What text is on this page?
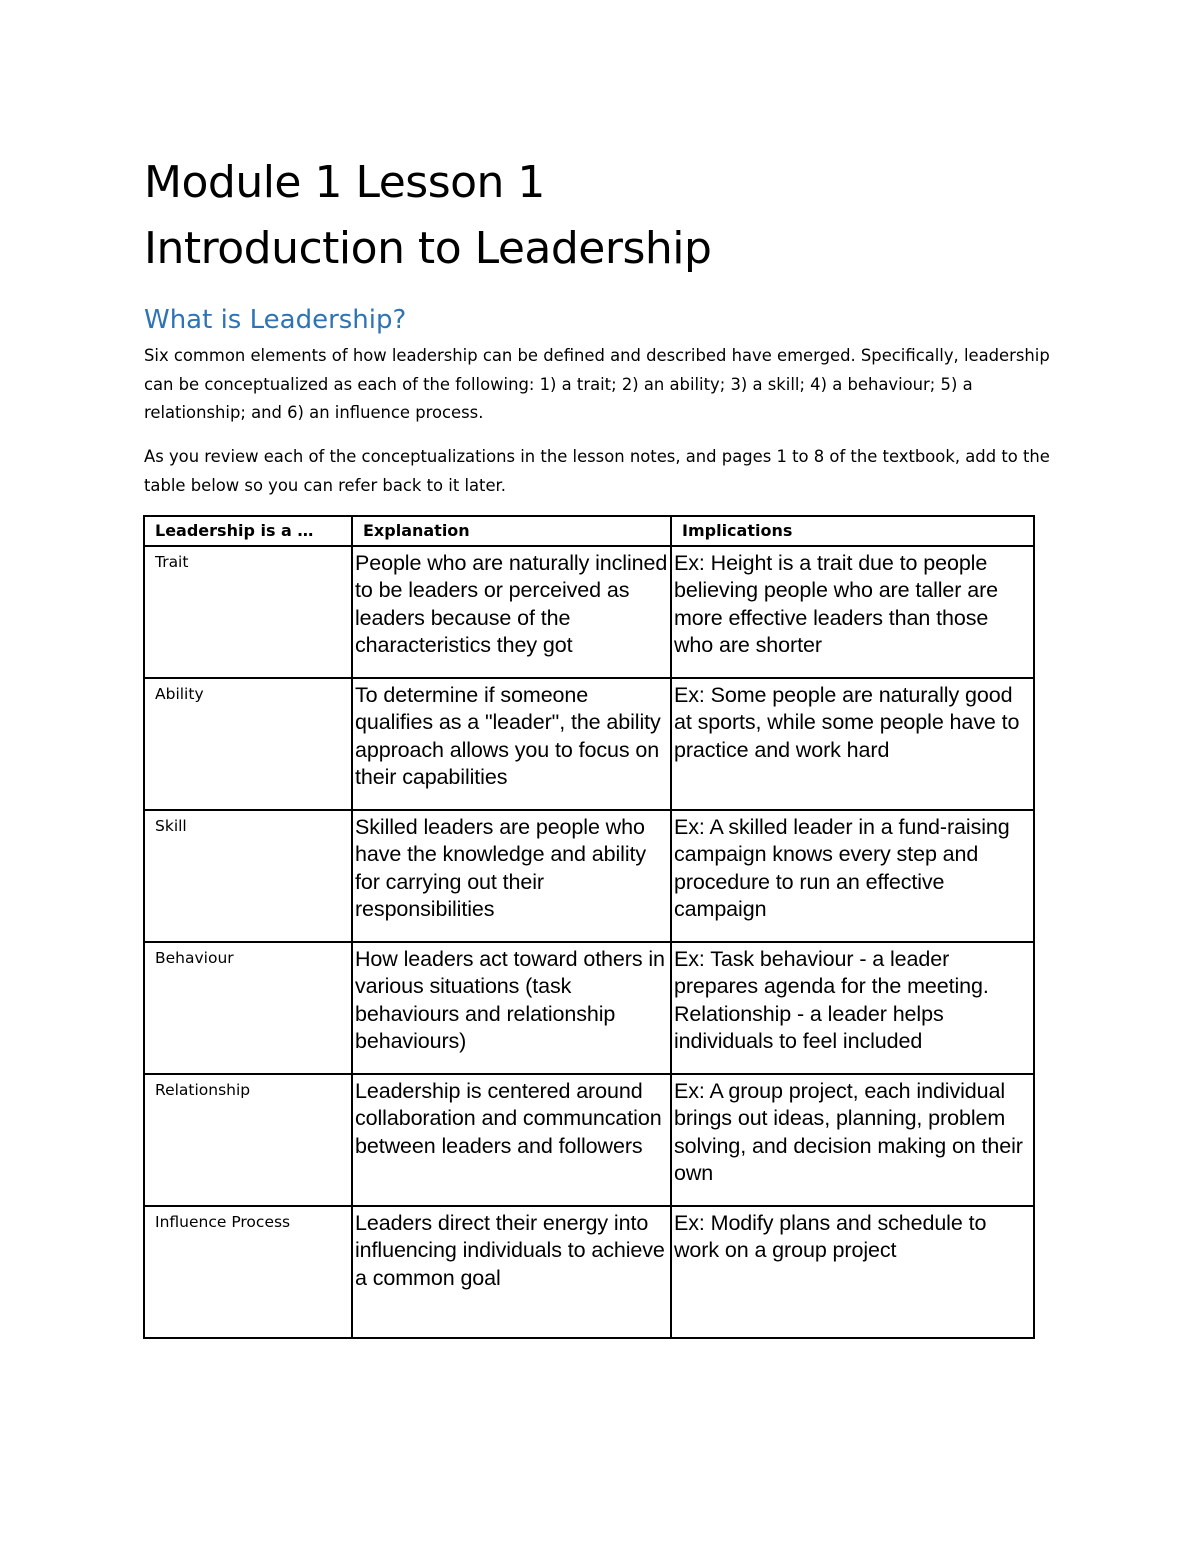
Module 1 Lesson 1
Introduction to Leadership
What is Leadership?

Six common elements of how leadership can be defined and described have emerged. Specifically, leadership can be conceptualized as each of the following: 1) a trait; 2) an ability; 3) a skill; 4) a behaviour; 5) a relationship; and 6) an influence process.

As you review each of the conceptualizations in the lesson notes, and pages 1 to 8 of the textbook, add to the table below so you can refer back to it later.

Leadership is a …	Explanation	Implications

Trait	People who are naturally inclined to be leaders or perceived as leaders because of the characteristics they got	Ex: Height is a trait due to people believing people who are taller are more effective leaders than those who are shorter

Ability	To determine if someone qualifies as a "leader", the ability approach allows you to focus on their capabilities	Ex: Some people are naturally good at sports, while some people have to practice and work hard

Skill	Skilled leaders are people who have the knowledge and ability for carrying out their responsibilities	Ex: A skilled leader in a fund-raising campaign knows every step and procedure to run an effective campaign

Behaviour	How leaders act toward others in various situations (task behaviours and relationship behaviours)	Ex: Task behaviour - a leader prepares agenda for the meeting. Relationship - a leader helps individuals to feel included

Relationship	Leadership is centered around collaboration and communcation between leaders and followers	Ex: A group project, each individual brings out ideas, planning, problem solving, and decision making on their own

Influence Process	Leaders direct their energy into influencing individuals to achieve a common goal	Ex: Modify plans and schedule to work on a group project
